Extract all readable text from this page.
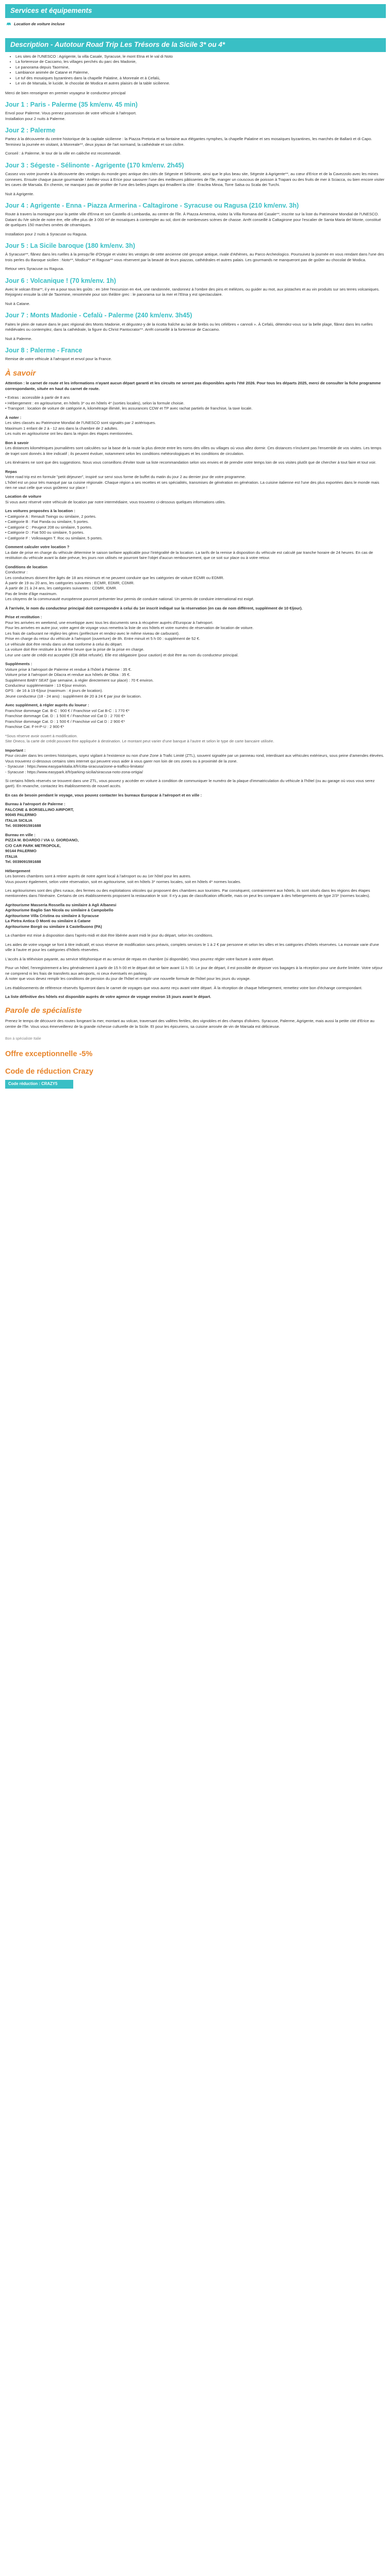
Services et équipements
Location de voiture incluse
Description - Autotour Road Trip Les Trésors de la Sicile 3* ou 4*
• Les sites de l'UNESCO : Agrigente, la villa Casale, Syracuse, le mont Etna et le val di Noto
• La forteresse de Caccamo, les villages perchés du parc des Madonie,
• Le panorama depuis Taormine,
• Lambiance animée de Catane et Palerme,
• Le tuf des mosaïques byzantines dans la chapelle Palatine, à Monreale et à Cefalù,
• Le vin de Marsala, le lucide, le chocolat de Modica et autres plaisirs de la table sicilienne.

Merci de bien renseigner en premier voyageur le conducteur principal

Jour 1 : Paris - Palerme (35 km/env. 45 min)

Envol pour Palerme. Vous prenez possession de votre véhicule à l'aéroport.
Installation pour 2 nuits à Palerme.

Jour 2 : Palerme

Partez à la découverte du centre historique de la capitale sicilienne : la Piazza Pretoria et sa fontaine aux élégantes nymphes, la chapelle Palatine et ses mosaïques byzantines, les marchés de Ballarò et di Capo. Terminez la journée en visitant, à Monreale**, deux joyaux de l'art normand, la cathédrale et son cloître.

Conseil : à Palerme, le tour de la ville en calèche est recommandé.

Jour 3 : Ségeste - Sélinonte - Agrigente (170 km/env. 2h45)

Cassez vos votre journée à la découverte des vestiges du monde grec antique des cités de Ségeste et Sélinonte, ainsi que le plus beau site, Ségeste à Agrigente**, au cœur d'Erice et de la Cavezzolo avec les mines connexes. Ensuite chaque pause gourmande ! Arrêtez-vous à Erice pour savourer l'une des meilleures pâtisseries de l'île, manger un couscous de poisson à Trapani ou des fruits de mer à Sciacca, ou bien encore visiter les caves de Marsala. En chemin, ne manquez pas de profiter de l'une des belles plages qui émaillent la côte : Eraclea Minoa, Torre Salsa ou Scala dei Turchi.

Nuit à Agrigente.

Jour 4 : Agrigente - Enna - Piazza Armerina - Caltagirone - Syracuse ou Ragusa (210 km/env. 3h)

Route à travers la montagne pour la petite ville d'Enna et son Castello di Lombardia, au centre de l'île. À Piazza Armerina, visitez la Villa Romana del Casale**, inscrite sur la liste du Patrimoine Mondial de l'UNESCO. Datant du IVe siècle de notre ère, elle offre plus de 3 000 m² de mosaïques à contempler au sol, dont de nombreuses scènes de chasse. Arrêt conseillé à Caltagirone pour l'escalier de Santa Maria del Monte, constitué de quelques 150 marches ornées de céramiques.

Installation pour 2 nuits à Syracuse ou Ragusa.

Jour 5 : La Sicile baroque (180 km/env. 3h)

À Syracuse**, flânez dans les ruelles à la presqu'île d'Ortygie et visitez les vestiges de cette ancienne cité grecque antique, rivale d'Athènes, au Parco Archeologico. Poursuivez la journée en vous rendant dans l'une des trois perles du Baroque sicilien : Noto**, Modica** et Ragusa** vous réservent par la beauté de leurs piazzas, cathédrales et autres palais. Les gourmands ne manqueront pas de goûter au chocolat de Modica.

Retour vers Syracuse ou Ragusa.

Jour 6 : Volcanique ! (70 km/env. 1h)

Avec le volcan Etna**, il y en a pour tous les goûts : en 1ère l'excursion en 4x4, une randonnée, randonnez à l'ombre des pins et mélèzes, ou guider au mot, aux pistaches et au vin produits sur ses terres volcaniques. Rejoignez ensuite la cité de Taormine, renommée pour son théâtre grec : le panorama sur la mer et l'Etna y est spectaculaire.

Nuit à Catane.

Jour 7 : Monts Madonie - Cefalù - Palerme (240 km/env. 3h45)

Faites le plein de nature dans le parc régional des Monts Madonie, et dégustez-y de la ricotta fraîche au lait de brebis ou les célèbres « cannoli ». À Cefalù, détendez-vous sur la belle plage, flânez dans les ruelles médiévales ou contemplez, dans la cathédrale, la figure du Christ Pantocrator**. Arrêt conseillé à la forteresse de Caccamo.

Nuit à Palerme.

Jour 8 : Palerme - France

Remise de votre véhicule à l'aéroport et envol pour la France.

À savoir

Attention : le carnet de route et les informations n'ayant aucun départ garanti et les circuits ne seront pas disponibles après l'été 2026. Pour tous les départs 2025, merci de consulter la fiche programme correspondante, située en haut du carnet de route.

• Extras : accessible à partir de 8 ans

• Hébergement : en agritourisme, en hôtels 3* ou en hôtels 4* (sorties locales), selon la formule choisie.

• Transport : location de voiture de catégorie A, kilométrage illimité, les assurances CDW et TP avec rachat partiels de franchise, la taxe locale.

À noter :

Les sites classés au Patrimoine Mondial de l'UNESCO sont signalés par 2 astérisques.
Maximum 1 enfant de 2 à - 12 ans dans la chambre de 2 adultes.
Les nuits en agritourisme ont lieu dans la région des étapes mentionnées.

Bon à savoir

Les distances kilométriques journalières sont calculées sur la base de la route la plus directe entre les noms des villes ou villages où vous allez dormir. Ces distances n'incluent pas l'ensemble de vos visites. Les temps de trajet sont donnés à titre indicatif ; ils peuvent évoluer, notamment selon les conditions météorologiques et les conditions de circulation.

Les itinéraires ne sont que des suggestions. Nous vous conseillons d'éviter toute sa liste recommandation selon vos envies et de prendre votre temps loin de vos visites plutôt que de chercher à tout faire et tout voir.

Repas

Votre road trip est en formule "petit déjeuner", inspiré sur servi sous forme de buffet du matin du jour 2 au dernier jour de votre programme.
L'hôtel est un pour très manqué par sa cuisine régionale. Chaque région a ses recettes et ses spécialités, transmises de génération en génération. La cuisine italienne est l'une des plus exportées dans le monde mais rien ne vaut celle que vous goûterez sur place !

Location de voiture

Si vous avez réservé votre véhicule de location par notre intermédiaire, vous trouverez ci-dessous quelques informations utiles.

Les voitures proposées à la location :

• Catégorie A : Renault Twingo ou similaire, 2 portes.

• Catégorie B : Fiat Panda ou similaire, 5 portes.

• Catégorie C : Peugeot 208 ou similaire, 5 portes.

• Catégorie D : Fiat 500 ou similaire, 5 portes.

• Catégorie F : Volkswagen T. Roc ou similaire, 5 portes.

Comment calculer votre location ?

La date de prise en charge du véhicule détermine le saison tarifaire applicable pour l'intégralité de la location. La tarifs de la remise à disposition du véhicule est calculé par tranche horaire de 24 heures. En cas de restitution du véhicule avant la date prévue, les jours non utilisés ne pourront faire l'objet d'aucun remboursement, que ce soit sur place ou à votre retour.

Conditions de location

Conducteur :

Les conducteurs doivent être âgés de 18 ans minimum et ne peuvent conduire que les catégories de voiture ECMR ou EDMR.

À partir de 19 ou 20 ans, les catégories suivantes : ECMR, EDMR, CDMR.

À partir de 21 à 24 ans, les catégories suivantes : CDMR, IDMR.

Pas de limite d'âge maximum.

Les citoyens de la communauté européenne pourront présenter leur permis de conduire national. Un permis de conduire international est exigé.

À l'arrivée, le nom du conducteur principal doit correspondre à celui du 1er inscrit indiqué sur la réservation (en cas de nom différent, supplément de 10 €/jour).

Prise et restitution :

Pour les arrivées en weekend, une enveloppe avec tous les documents sera à récupérer auprès d'Europcar à l'aéroport.
Pour les arrivées en autre jour, votre agent de voyage vous remettra la liste de vos hôtels et votre numéro de réservation de location de voiture.
Les frais de carburant ne régliez-les gères (préfecture et rendez-avec le même niveau de carburant).
Prise en charge du retour du véhicule à l'aéroport (ouverture) de 8h. Entre minuit et 5 h 00 : supplément de 52 €.
Le véhicule doit être rendu dans un état conforme à celui du départ.
La voiture doit être restituée à la même heure que la prise de la prise en charge.
Leur une carte de crédit est acceptée (CB débit refusée). Elle est obligatoire (pour caution) et doit être au nom du conducteur principal.

Suppléments :

Voiture prise à l'aéroport de Palerme et rendue à l'hôtel à Palerme : 35 €.
Voiture prise à l'aéroport de Dilacra et rendue aux hôtels de Olbia : 35 €.
Supplément BABY SEAT (par semaine, à régler directement sur place) : 70 € environ.
Conducteur supplémentaire : 13 €/jour environ.
GPS : de 16 à 19 €/jour (maximum : 4 jours de location).
Jeune conducteur (18 - 24 ans) : supplément de 20 à 24 € par jour de location.

Avec supplément, à régler auprès du loueur :

Franchise dommage Cat. B-C : 900 € / Franchise vol Cat B-C : 1 770 €*
Franchise dommage Cat. D : 1 500 € / Franchise vol Cat D : 2 700 €*
Franchise dommage Cat. D : 1 500 € / Franchise vol Cat D : 2 900 €*
Franchise Cat. F-H-P-U : 2 900 €*

*Sous réserve avoir ouvert à modification.
Site Oneco, la carte de crédit pouvant être appliquée à destination. Le montant peut varier d'une banque à l'autre et selon le type de carte bancaire utilisée.

Important :

Pour circuler dans les centres historiques, soyez vigilant à l'existence ou non d'une Zone à Trafic Limité (ZTL), souvent signalée par un panneau rond, interdisant aux véhicules extérieurs, sous peine d'amendes élevées. Vous trouverez ci-dessous certains sites internet qui peuvent vous aider à vous garer non loin de ces zones ou à proximité de la zone.
- Syracuse : https://www.easyparkitalia.it/fr/citta-siracusa/zone-a-traffico-limitato/
- Syracuse : https://www.easypark.it/fr/parking-sicilia/siracusa-noto-zona-ortigia/

Si certains hôtels réservés se trouvent dans une ZTL, vous pouvez y accéder en voiture à condition de communiquer le numéro de la plaque d'immatriculation du véhicule à l'hôtel (ou au garage où vous vous serez garé). En revanche, contactez les établissements de nouvel accès.

En cas de besoin pendant le voyage, vous pouvez contacter les bureaux Europcar à l'aéroport et en ville :

Bureau à l'aéroport de Palerme :

FALCONE & BORSELLINO AIRPORT,
90045 PALERMO
ITALIA SICILIA
Tel. 0039091591688

Bureau en ville :

PIZZA M. BOARDO / VIA U. GIORDANO,
C/O CAR PARK METROPOLE,
90144 PALERMO
ITALIA
Tel. 0039091591688

Hébergement

Les bonnes chambres sont à retirer auprès de notre agent local à l'aéroport ou au 1er hôtel pour les autres.
Vous pouvez également, selon votre réservation, soit en agritourisme, soit en hôtels 3* normes locales, soit en hôtels 4* normes locales.

Les agritourismes sont des gîtes ruraux, des fermes ou des exploitations viticoles qui proposent des chambres aux touristes. Par conséquent, contrairement aux hôtels, ils sont situés dans les régions des étapes mentionnées dans l'itinéraire. Certains de ces établissements proposent la restauration le soir. Il n'y a pas de classification officielle, mais on peut les comparer à des hébergements de type 2/3* (normes locales).

Agritourisme Masseria Rossella ou similaire à Agli Albanesi

Agritourisme Baglio San Nicola ou similaire à Campobello

Agritourisme Villa Cristina ou similaire à Syracuse

La Pietra Antica O Monti ou similaire à Catane

Agritourisme Borgò ou similaire à Castelbuono (PA)

La chambre est mise à disposition dans l'après-midi et doit être libérée avant midi le jour du départ, selon les conditions.

Les aides de votre voyage se font à titre indicatif, et sous réserve de modification sans préavis, complets services le 1 à 2 € par personne et selon les villes et les catégories d'hôtels réservées. La monnaie varie d'une ville à l'autre et pour les catégories d'hôtels réservées.

L'accès à la télévision payante, au service téléphonique et au service de repas en chambre (si disponible). Vous pourrez régler votre facture à votre départ.

Pour un hôtel, l'enregistrement a lieu généralement à partir de 15 h 00 et le départ doit se faire avant 11 h 00. Le jour de départ, il est possible de déposer vos bagages à la réception pour une durée limitée. Votre séjour ne comprend ni les frais de transferts aux aéroports, ni ceux éventuels en parking.
À noter que vous devez remplir les conditions de pension du jour de l'hôtel et remplir une nouvelle formule de l'hôtel pour les jours du voyage.

Les établissements de référence réservés figureront dans le carnet de voyages que vous aurez reçu avant votre départ. À la réception de chaque hébergement, remettez votre bon d'échange correspondant.

La liste définitive des hôtels est disponible auprès de votre agence de voyage environ 15 jours avant le départ.

Parole de spécialiste

Prenez le temps de découvrir des routes longeant la mer, montant au volcan, traversant des vallées fertiles, des vignobles et des champs d'oliviers. Syracuse, Palerme, Agrigente, mais aussi la petite cité d'Erice au centre de l'île. Vous vous émerveillerez de la grande richesse culturelle de la Sicile. Et pour les épicuriens, sa cuisine arrosée de vin de Marsala est délicieuse.

Bon à spécialiste Italie

Offre exceptionnelle -5%
Code de réduction Crazy
Code réduction : CRAZY5
